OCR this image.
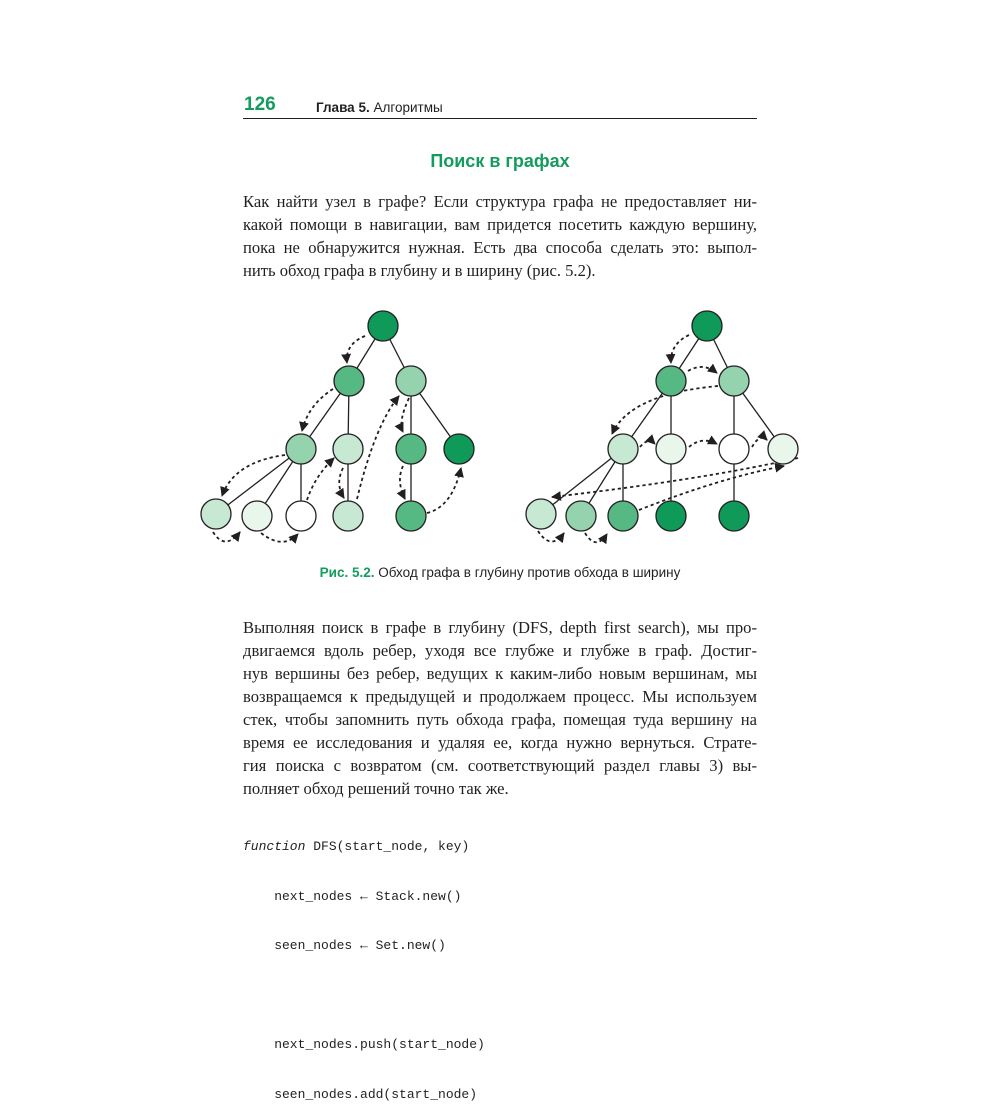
126	Глава 5. Алгоритмы
Поиск в графах

Как найти узел в графе? Если структура графа не предоставляет ни-
какой помощи в навигации, вам придется посетить каждую вершину,
пока не обнаружится нужная. Есть два способа сделать это: выпол-
нить обход графа в глубину и в ширину (рис. 5.2).

Рис. 5.2. Обход графа в глубину против обхода в ширину

Выполняя поиск в графе в глубину (DFS, depth first search), мы про-
двигаемся вдоль ребер, уходя все глубже и глубже в граф. Достиг-
нув вершины без ребер, ведущих к каким-либо новым вершинам, мы
возвращаемся к предыдущей и продолжаем процесс. Мы используем
стек, чтобы запомнить путь обхода графа, помещая туда вершину на
время ее исследования и удаляя ее, когда нужно вернуться. Страте-
гия поиска с возвратом (см. соответствующий раздел главы 3) вы-
полняет обход решений точно так же.

function DFS(start_node, key)

next_nodes ← Stack.new()

seen_nodes ← Set.new()

next_nodes.push(start_node)

seen_nodes.add(start_node)
